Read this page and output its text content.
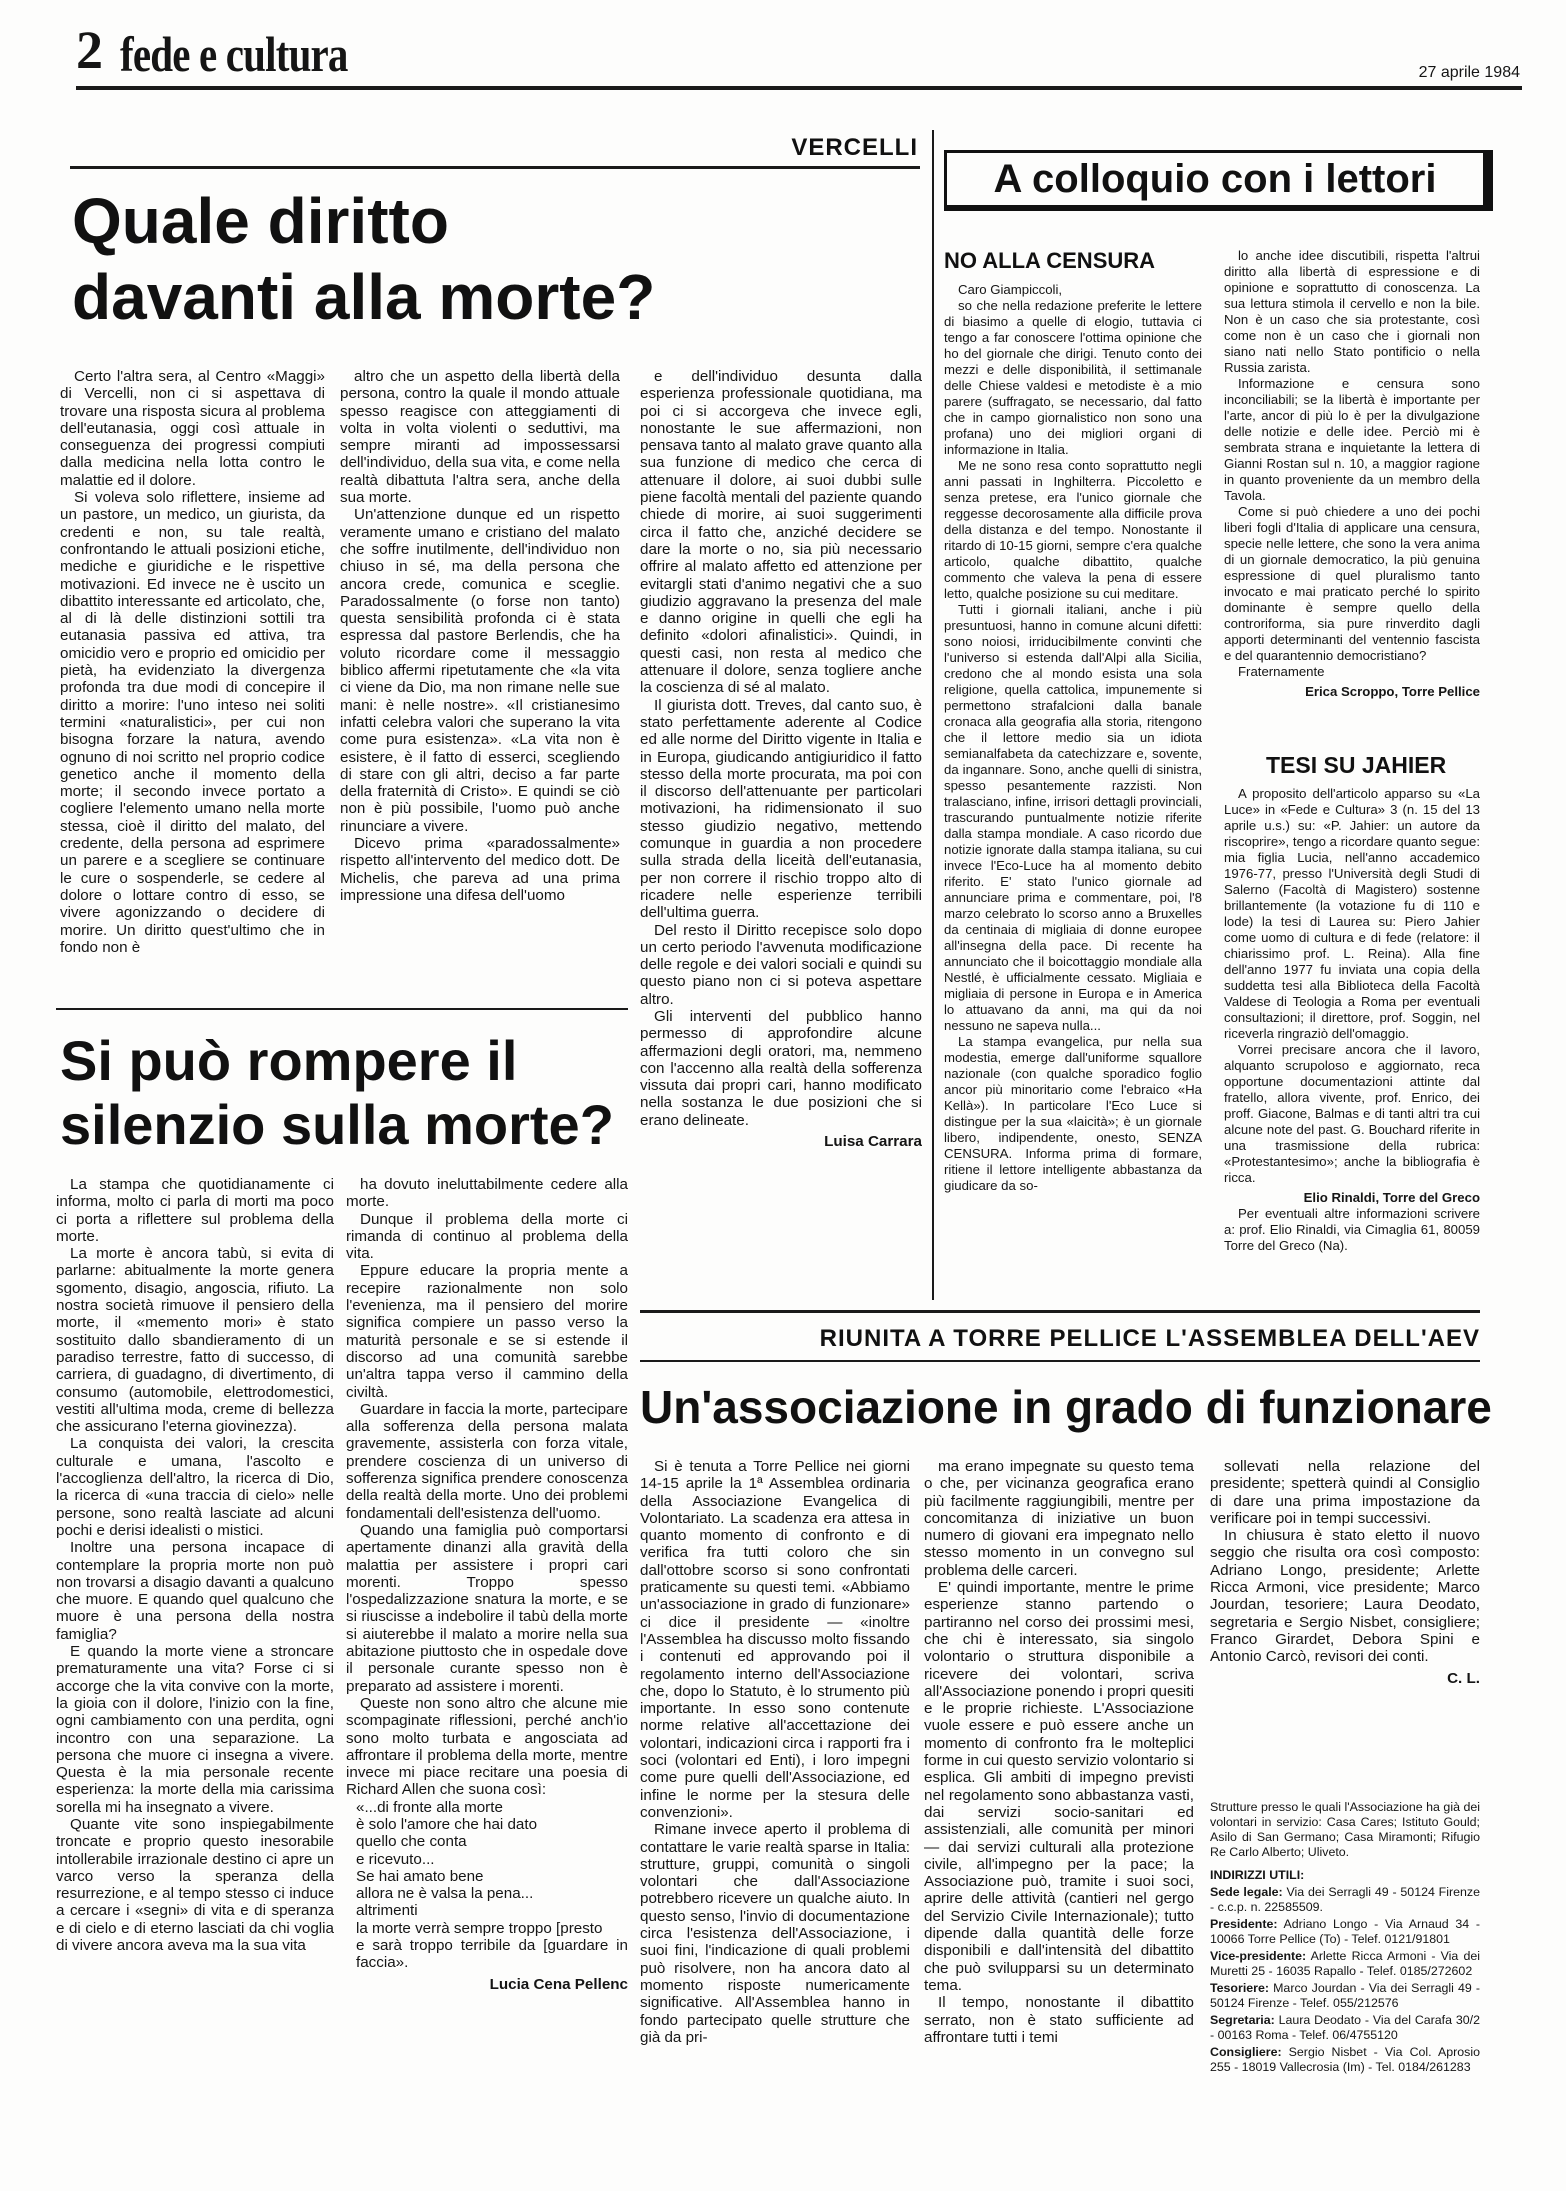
2 fede e cultura	27 aprile 1984
VERCELLI
Quale diritto
davanti alla morte?

Certo l'altra sera, al Centro «Maggi» di Vercelli, non ci si aspettava di trovare una risposta sicura al problema dell'eutanasia, oggi così attuale in conseguenza dei progressi compiuti dalla medicina nella lotta contro le malattie ed il dolore.

Si voleva solo riflettere, insieme ad un pastore, un medico, un giurista, da credenti e non, su tale realtà, confrontando le attuali posizioni etiche, mediche e giuridiche e le rispettive motivazioni. Ed invece ne è uscito un dibattito interessante ed articolato, che, al di là delle distinzioni sottili tra eutanasia passiva ed attiva, tra omicidio vero e proprio ed omicidio per pietà, ha evidenziato la divergenza profonda tra due modi di concepire il diritto a morire: l'uno inteso nei soliti termini «naturalistici», per cui non bisogna forzare la natura, avendo ognuno di noi scritto nel proprio codice genetico anche il momento della morte; il secondo invece portato a cogliere l'elemento umano nella morte stessa, cioè il diritto del malato, del credente, della persona ad esprimere un parere e a scegliere se continuare le cure o sospenderle, se cedere al dolore o lottare contro di esso, se vivere agonizzando o decidere di morire. Un diritto quest'ultimo che in fondo non è

altro che un aspetto della libertà della persona, contro la quale il mondo attuale spesso reagisce con atteggiamenti di volta in volta violenti o seduttivi, ma sempre miranti ad impossessarsi dell'individuo, della sua vita, e come nella realtà dibattuta l'altra sera, anche della sua morte.

Un'attenzione dunque ed un rispetto veramente umano e cristiano del malato che soffre inutilmente, dell'individuo non chiuso in sé, ma della persona che ancora crede, comunica e sceglie. Paradossalmente (o forse non tanto) questa sensibilità profonda ci è stata espressa dal pastore Berlendis, che ha voluto ricordare come il messaggio biblico affermi ripetutamente che «la vita ci viene da Dio, ma non rimane nelle sue mani: è nelle nostre». «Il cristianesimo infatti celebra valori che superano la vita come pura esistenza». «La vita non è esistere, è il fatto di esserci, scegliendo di stare con gli altri, deciso a far parte della fraternità di Cristo». E quindi se ciò non è più possibile, l'uomo può anche rinunciare a vivere.

Dicevo prima «paradossalmente» rispetto all'intervento del medico dott. De Michelis, che pareva ad una prima impressione una difesa dell'uomo

e dell'individuo desunta dalla esperienza professionale quotidiana, ma poi ci si accorgeva che invece egli, nonostante le sue affermazioni, non pensava tanto al malato grave quanto alla sua funzione di medico che cerca di attenuare il dolore, ai suoi dubbi sulle piene facoltà mentali del paziente quando chiede di morire, ai suoi suggerimenti circa il fatto che, anziché decidere se dare la morte o no, sia più necessario offrire al malato affetto ed attenzione per evitargli stati d'animo negativi che a suo giudizio aggravano la presenza del male e danno origine in quelli che egli ha definito «dolori afinalistici». Quindi, in questi casi, non resta al medico che attenuare il dolore, senza togliere anche la coscienza di sé al malato.

Il giurista dott. Treves, dal canto suo, è stato perfettamente aderente al Codice ed alle norme del Diritto vigente in Italia e in Europa, giudicando antigiuridico il fatto stesso della morte procurata, ma poi con il discorso dell'attenuante per particolari motivazioni, ha ridimensionato il suo stesso giudizio negativo, mettendo comunque in guardia a non procedere sulla strada della liceità dell'eutanasia, per non correre il rischio troppo alto di ricadere nelle esperienze terribili dell'ultima guerra.

Del resto il Diritto recepisce solo dopo un certo periodo l'avvenuta modificazione delle regole e dei valori sociali e quindi su questo piano non ci si poteva aspettare altro.

Gli interventi del pubblico hanno permesso di approfondire alcune affermazioni degli oratori, ma, nemmeno con l'accenno alla realtà della sofferenza vissuta dai propri cari, hanno modificato nella sostanza le due posizioni che si erano delineate.

Luisa Carrara

Si può rompere il
silenzio sulla morte?

La stampa che quotidianamente ci informa, molto ci parla di morti ma poco ci porta a riflettere sul problema della morte.

La morte è ancora tabù, si evita di parlarne: abitualmente la morte genera sgomento, disagio, angoscia, rifiuto. La nostra società rimuove il pensiero della morte, il «memento mori» è stato sostituito dallo sbandieramento di un paradiso terrestre, fatto di successo, di carriera, di guadagno, di divertimento, di consumo (automobile, elettrodomestici, vestiti all'ultima moda, creme di bellezza che assicurano l'eterna giovinezza).

La conquista dei valori, la crescita culturale e umana, l'ascolto e l'accoglienza dell'altro, la ricerca di Dio, la ricerca di «una traccia di cielo» nelle persone, sono realtà lasciate ad alcuni pochi e derisi idealisti o mistici.

Inoltre una persona incapace di contemplare la propria morte non può non trovarsi a disagio davanti a qualcuno che muore. E quando quel qualcuno che muore è una persona della nostra famiglia?

E quando la morte viene a stroncare prematuramente una vita? Forse ci si accorge che la vita convive con la morte, la gioia con il dolore, l'inizio con la fine, ogni cambiamento con una perdita, ogni incontro con una separazione. La persona che muore ci insegna a vivere. Questa è la mia personale recente esperienza: la morte della mia carissima sorella mi ha insegnato a vivere.

Quante vite sono inspiegabilmente troncate e proprio questo inesorabile intollerabile irrazionale destino ci apre un varco verso la speranza della resurrezione, e al tempo stesso ci induce a cercare i «segni» di vita e di speranza e di cielo e di eterno lasciati da chi voglia di vivere ancora aveva ma la sua vita

ha dovuto ineluttabilmente cedere alla morte.

Dunque il problema della morte ci rimanda di continuo al problema della vita.

Eppure educare la propria mente a recepire razionalmente non solo l'evenienza, ma il pensiero del morire significa compiere un passo verso la maturità personale e se si estende il discorso ad una comunità sarebbe un'altra tappa verso il cammino della civiltà.

Guardare in faccia la morte, partecipare alla sofferenza della persona malata gravemente, assisterla con forza vitale, prendere coscienza di un universo di sofferenza significa prendere conoscenza della realtà della morte. Uno dei problemi fondamentali dell'esistenza dell'uomo.

Quando una famiglia può comportarsi apertamente dinanzi alla gravità della malattia per assistere i propri cari morenti. Troppo spesso l'ospedalizzazione snatura la morte, e se si riuscisse a indebolire il tabù della morte si aiuterebbe il malato a morire nella sua abitazione piuttosto che in ospedale dove il personale curante spesso non è preparato ad assistere i morenti.

Queste non sono altro che alcune mie scompaginate riflessioni, perché anch'io sono molto turbata e angosciata ad affrontare il problema della morte, mentre invece mi piace recitare una poesia di Richard Allen che suona così:

«...di fronte alla morte

è solo l'amore che hai dato

quello che conta

e ricevuto...

Se hai amato bene

allora ne è valsa la pena...

altrimenti

la morte verrà sempre troppo [presto

e sarà troppo terribile da [guardare in faccia».

Lucia Cena Pellenc

A colloquio con i lettori
NO ALLA CENSURA

Caro Giampiccoli,

so che nella redazione preferite le lettere di biasimo a quelle di elogio, tuttavia ci tengo a far conoscere l'ottima opinione che ho del giornale che dirigi. Tenuto conto dei mezzi e delle disponibilità, il settimanale delle Chiese valdesi e metodiste è a mio parere (suffragato, se necessario, dal fatto che in campo giornalistico non sono una profana) uno dei migliori organi di informazione in Italia.

Me ne sono resa conto soprattutto negli anni passati in Inghilterra. Piccoletto e senza pretese, era l'unico giornale che reggesse decorosamente alla difficile prova della distanza e del tempo. Nonostante il ritardo di 10-15 giorni, sempre c'era qualche articolo, qualche dibattito, qualche commento che valeva la pena di essere letto, qualche posizione su cui meditare.

Tutti i giornali italiani, anche i più presuntuosi, hanno in comune alcuni difetti: sono noiosi, irriducibilmente convinti che l'universo si estenda dall'Alpi alla Sicilia, credono che al mondo esista una sola religione, quella cattolica, impunemente si permettono strafalcioni dalla banale cronaca alla geografia alla storia, ritengono che il lettore medio sia un idiota semianalfabeta da catechizzare e, sovente, da ingannare. Sono, anche quelli di sinistra, spesso pesantemente razzisti. Non tralasciano, infine, irrisori dettagli provinciali, trascurando puntualmente notizie riferite dalla stampa mondiale. A caso ricordo due notizie ignorate dalla stampa italiana, su cui invece l'Eco-Luce ha al momento debito riferito. E' stato l'unico giornale ad annunciare prima e commentare, poi, l'8 marzo celebrato lo scorso anno a Bruxelles da centinaia di migliaia di donne europee all'insegna della pace. Di recente ha annunciato che il boicottaggio mondiale alla Nestlé, è ufficialmente cessato. Migliaia e migliaia di persone in Europa e in America lo attuavano da anni, ma qui da noi nessuno ne sapeva nulla...

La stampa evangelica, pur nella sua modestia, emerge dall'uniforme squallore nazionale (con qualche sporadico foglio ancor più minoritario come l'ebraico «Ha Kellà»). In particolare l'Eco Luce si distingue per la sua «laicità»; è un giornale libero, indipendente, onesto, SENZA CENSURA. Informa prima di formare, ritiene il lettore intelligente abbastanza da giudicare da so-

lo anche idee discutibili, rispetta l'altrui diritto alla libertà di espressione e di opinione e soprattutto di conoscenza. La sua lettura stimola il cervello e non la bile. Non è un caso che sia protestante, così come non è un caso che i giornali non siano nati nello Stato pontificio o nella Russia zarista.

Informazione e censura sono inconciliabili; se la libertà è importante per l'arte, ancor di più lo è per la divulgazione delle notizie e delle idee. Perciò mi è sembrata strana e inquietante la lettera di Gianni Rostan sul n. 10, a maggior ragione in quanto proveniente da un membro della Tavola.

Come si può chiedere a uno dei pochi liberi fogli d'Italia di applicare una censura, specie nelle lettere, che sono la vera anima di un giornale democratico, la più genuina espressione di quel pluralismo tanto invocato e mai praticato perché lo spirito dominante è sempre quello della controriforma, sia pure rinverdito dagli apporti determinanti del ventennio fascista e del quarantennio democristiano?

Fraternamente

Erica Scroppo, Torre Pellice

TESI SU JAHIER

A proposito dell'articolo apparso su «La Luce» in «Fede e Cultura» 3 (n. 15 del 13 aprile u.s.) su: «P. Jahier: un autore da riscoprire», tengo a ricordare quanto segue: mia figlia Lucia, nell'anno accademico 1976-77, presso l'Università degli Studi di Salerno (Facoltà di Magistero) sostenne brillantemente (la votazione fu di 110 e lode) la tesi di Laurea su: Piero Jahier come uomo di cultura e di fede (relatore: il chiarissimo prof. L. Reina). Alla fine dell'anno 1977 fu inviata una copia della suddetta tesi alla Biblioteca della Facoltà Valdese di Teologia a Roma per eventuali consultazioni; il direttore, prof. Soggin, nel riceverla ringraziò dell'omaggio.

Vorrei precisare ancora che il lavoro, alquanto scrupoloso e aggiornato, reca opportune documentazioni attinte dal fratello, allora vivente, prof. Enrico, dei proff. Giacone, Balmas e di tanti altri tra cui alcune note del past. G. Bouchard riferite in una trasmissione della rubrica: «Protestantesimo»; anche la bibliografia è ricca.

Elio Rinaldi, Torre del Greco

Per eventuali altre informazioni scrivere a: prof. Elio Rinaldi, via Cimaglia 61, 80059 Torre del Greco (Na).

RIUNITA A TORRE PELLICE L'ASSEMBLEA DELL'AEV
Un'associazione in grado di funzionare

Si è tenuta a Torre Pellice nei giorni 14-15 aprile la 1ª Assemblea ordinaria della Associazione Evangelica di Volontariato. La scadenza era attesa in quanto momento di confronto e di verifica fra tutti coloro che sin dall'ottobre scorso si sono confrontati praticamente su questi temi. «Abbiamo un'associazione in grado di funzionare» ci dice il presidente — «inoltre l'Assemblea ha discusso molto fissando i contenuti ed approvando poi il regolamento interno dell'Associazione che, dopo lo Statuto, è lo strumento più importante. In esso sono contenute norme relative all'accettazione dei volontari, indicazioni circa i rapporti fra i soci (volontari ed Enti), i loro impegni come pure quelli dell'Associazione, ed infine le norme per la stesura delle convenzioni».

Rimane invece aperto il problema di contattare le varie realtà sparse in Italia: strutture, gruppi, comunità o singoli volontari che dall'Associazione potrebbero ricevere un qualche aiuto. In questo senso, l'invio di documentazione circa l'esistenza dell'Associazione, i suoi fini, l'indicazione di quali problemi può risolvere, non ha ancora dato al momento risposte numericamente significative. All'Assemblea hanno in fondo partecipato quelle strutture che già da pri-

ma erano impegnate su questo tema o che, per vicinanza geografica erano più facilmente raggiungibili, mentre per concomitanza di iniziative un buon numero di giovani era impegnato nello stesso momento in un convegno sul problema delle carceri.

E' quindi importante, mentre le prime esperienze stanno partendo o partiranno nel corso dei prossimi mesi, che chi è interessato, sia singolo volontario o struttura disponibile a ricevere dei volontari, scriva all'Associazione ponendo i propri quesiti e le proprie richieste. L'Associazione vuole essere e può essere anche un momento di confronto fra le molteplici forme in cui questo servizio volontario si esplica. Gli ambiti di impegno previsti nel regolamento sono abbastanza vasti, dai servizi socio-sanitari ed assistenziali, alle comunità per minori — dai servizi culturali alla protezione civile, all'impegno per la pace; la Associazione può, tramite i suoi soci, aprire delle attività (cantieri nel gergo del Servizio Civile Internazionale); tutto dipende dalla quantità delle forze disponibili e dall'intensità del dibattito che può svilupparsi su un determinato tema.

Il tempo, nonostante il dibattito serrato, non è stato sufficiente ad affrontare tutti i temi

sollevati nella relazione del presidente; spetterà quindi al Consiglio di dare una prima impostazione da verificare poi in tempi successivi.

In chiusura è stato eletto il nuovo seggio che risulta ora così composto: Adriano Longo, presidente; Arlette Ricca Armoni, vice presidente; Marco Jourdan, tesoriere; Laura Deodato, segretaria e Sergio Nisbet, consigliere; Franco Girardet, Debora Spini e Antonio Carcò, revisori dei conti.

C. L.

Strutture presso le quali l'Associazione ha già dei volontari in servizio: Casa Cares; Istituto Gould; Asilo di San Germano; Casa Miramonti; Rifugio Re Carlo Alberto; Uliveto.

INDIRIZZI UTILI:

Sede legale: Via dei Serragli 49 - 50124 Firenze - c.c.p. n. 22585509.

Presidente: Adriano Longo - Via Arnaud 34 - 10066 Torre Pellice (To) - Telef. 0121/91801

Vice-presidente: Arlette Ricca Armoni - Via dei Muretti 25 - 16035 Rapallo - Telef. 0185/272602

Tesoriere: Marco Jourdan - Via dei Serragli 49 - 50124 Firenze - Telef. 055/212576

Segretaria: Laura Deodato - Via del Carafa 30/2 - 00163 Roma - Telef. 06/4755120

Consigliere: Sergio Nisbet - Via Col. Aprosio 255 - 18019 Vallecrosia (Im) - Tel. 0184/261283
